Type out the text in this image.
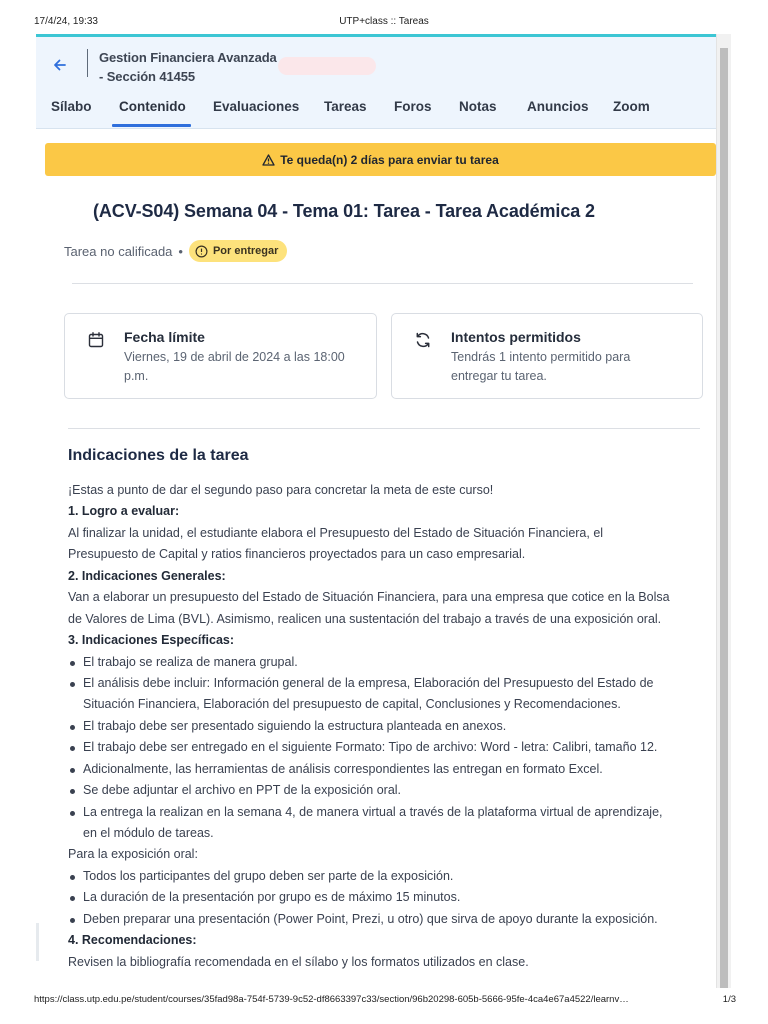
17/4/24, 19:33	UTP+class :: Tareas
Gestion Financiera Avanzada
- Sección 41455
Sílabo Contenido Evaluaciones Tareas Foros Notas Anuncios Zoom
Te queda(n) 2 días para enviar tu tarea
(ACV-S04) Semana 04 - Tema 01: Tarea - Tarea Académica 2
Tarea no calificada •	Por entregar
Fecha límite
Viernes, 19 de abril de 2024 a las 18:00
p.m.
Intentos permitidos
Tendrás 1 intento permitido para
entregar tu tarea.
Indicaciones de la tarea
¡Estas a punto de dar el segundo paso para concretar la meta de este curso!
1. Logro a evaluar:
Al finalizar la unidad, el estudiante elabora el Presupuesto del Estado de Situación Financiera, el
Presupuesto de Capital y ratios financieros proyectados para un caso empresarial.
2. Indicaciones Generales:
Van a elaborar un presupuesto del Estado de Situación Financiera, para una empresa que cotice en la Bolsa
de Valores de Lima (BVL). Asimismo, realicen una sustentación del trabajo a través de una exposición oral.
3. Indicaciones Específicas:
El trabajo se realiza de manera grupal.
El análisis debe incluir: Información general de la empresa, Elaboración del Presupuesto del Estado de
Situación Financiera, Elaboración del presupuesto de capital, Conclusiones y Recomendaciones.
El trabajo debe ser presentado siguiendo la estructura planteada en anexos.
El trabajo debe ser entregado en el siguiente Formato: Tipo de archivo: Word - letra: Calibri, tamaño 12.
Adicionalmente, las herramientas de análisis correspondientes las entregan en formato Excel.
Se debe adjuntar el archivo en PPT de la exposición oral.
La entrega la realizan en la semana 4, de manera virtual a través de la plataforma virtual de aprendizaje,
en el módulo de tareas.
Para la exposición oral:
Todos los participantes del grupo deben ser parte de la exposición.
La duración de la presentación por grupo es de máximo 15 minutos.
Deben preparar una presentación (Power Point, Prezi, u otro) que sirva de apoyo durante la exposición.
4. Recomendaciones:
Revisen la bibliografía recomendada en el sílabo y los formatos utilizados en clase.
https://class.utp.edu.pe/student/courses/35fad98a-754f-5739-9c52-df8663397c33/section/96b20298-605b-5666-95fe-4ca4e67a4522/learnv…	1/3
